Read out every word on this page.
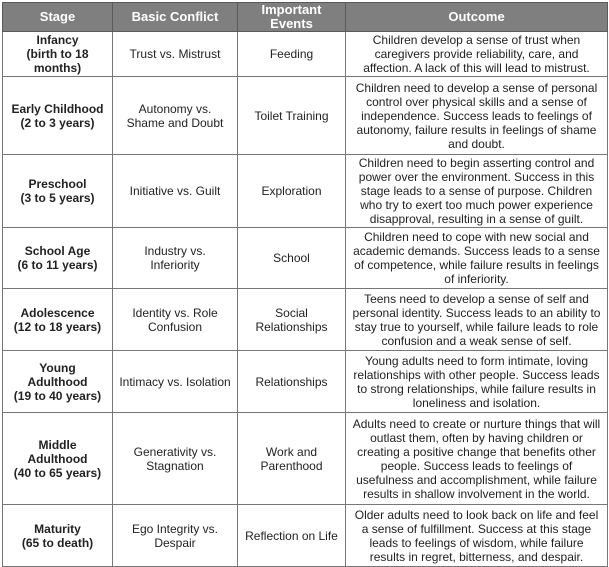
Stage	Basic Conflict	Important Events	Outcome

Infancy
(birth to 18 months)	Trust vs. Mistrust	Feeding	Children develop a sense of trust when caregivers provide reliability, care, and affection. A lack of this will lead to mistrust.

Early Childhood
(2 to 3 years)	Autonomy vs. Shame and Doubt	Toilet Training	Children need to develop a sense of personal control over physical skills and a sense of independence. Success leads to feelings of autonomy, failure results in feelings of shame and doubt.

Preschool
(3 to 5 years)	Initiative vs. Guilt	Exploration	Children need to begin asserting control and power over the environment. Success in this stage leads to a sense of purpose. Children who try to exert too much power experience disapproval, resulting in a sense of guilt.

School Age
(6 to 11 years)	Industry vs. Inferiority	School	Children need to cope with new social and academic demands. Success leads to a sense of competence, while failure results in feelings of inferiority.

Adolescence
(12 to 18 years)	Identity vs. Role Confusion	Social Relationships	Teens need to develop a sense of self and personal identity. Success leads to an ability to stay true to yourself, while failure leads to role confusion and a weak sense of self.

Young Adulthood
(19 to 40 years)	Intimacy vs. Isolation	Relationships	Young adults need to form intimate, loving relationships with other people. Success leads to strong relationships, while failure results in loneliness and isolation.

Middle Adulthood
(40 to 65 years)	Generativity vs. Stagnation	Work and Parenthood	Adults need to create or nurture things that will outlast them, often by having children or creating a positive change that benefits other people. Success leads to feelings of usefulness and accomplishment, while failure results in shallow involvement in the world.

Maturity
(65 to death)	Ego Integrity vs. Despair	Reflection on Life	Older adults need to look back on life and feel a sense of fulfillment. Success at this stage leads to feelings of wisdom, while failure results in regret, bitterness, and despair.
